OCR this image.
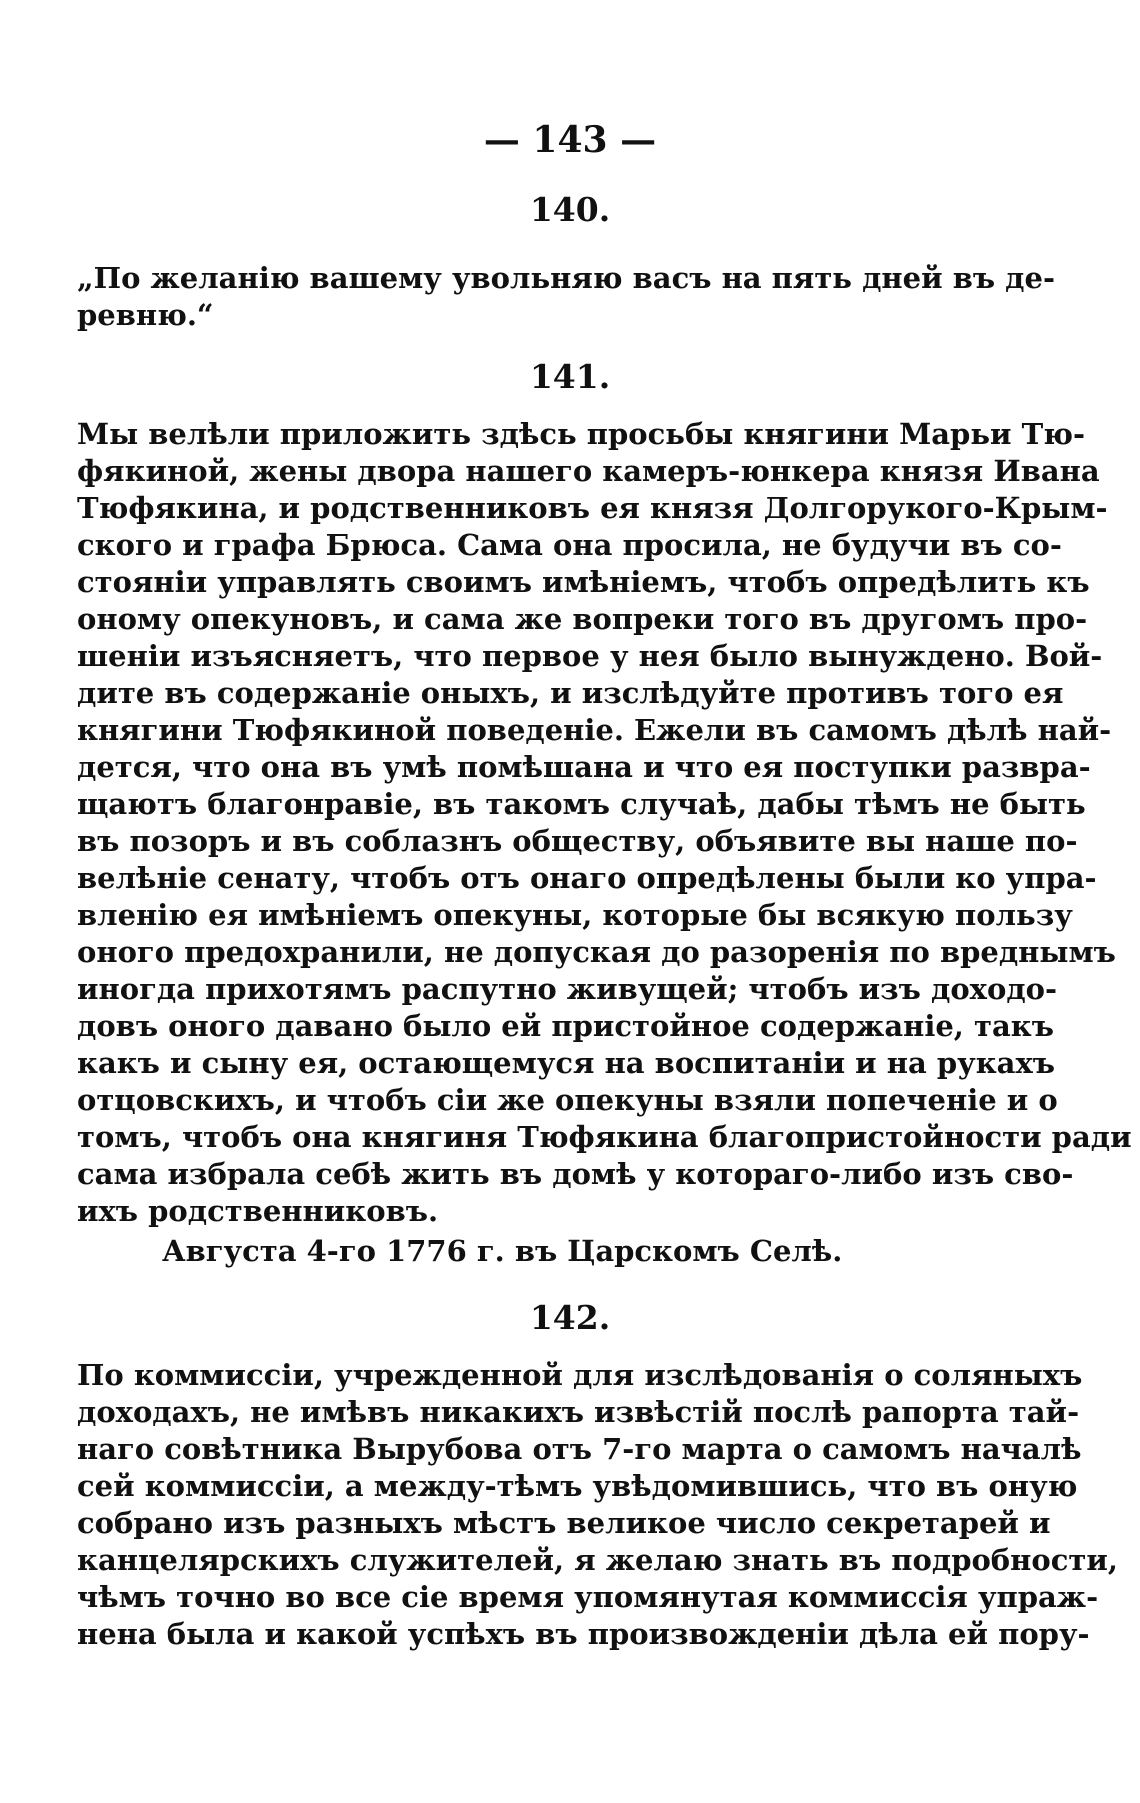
— 143 —
140.
„По желанію вашему увольняю васъ на пять дней въ де-
ревню.“
141.
Мы велѣли приложить здѣсь просьбы княгини Марьи Тю-
фякиной, жены двора нашего камеръ-юнкера князя Ивана
Тюфякина, и родственниковъ ея князя Долгорукого-Крым-
ского и графа Брюса. Сама она просила, не будучи въ со-
стояніи управлять своимъ имѣніемъ, чтобъ опредѣлить къ
оному опекуновъ, и сама же вопреки того въ другомъ про-
шеніи изъясняетъ, что первое у нея было вынуждено. Вой-
дите въ содержаніе оныхъ, и изслѣдуйте противъ того ея
княгини Тюфякиной поведеніе. Ежели въ самомъ дѣлѣ най-
дется, что она въ умѣ помѣшана и что ея поступки развра-
щаютъ благонравіе, въ такомъ случаѣ, дабы тѣмъ не быть
въ позоръ и въ соблазнъ обществу, объявите вы наше по-
велѣніе сенату, чтобъ отъ онаго опредѣлены были ко упра-
вленію ея имѣніемъ опекуны, которые бы всякую пользу
оного предохранили, не допуская до разоренія по вреднымъ
иногда прихотямъ распутно живущей; чтобъ изъ доходо-
довъ оного давано было ей пристойное содержаніе, такъ
какъ и сыну ея, остающемуся на воспитаніи и на рукахъ
отцовскихъ, и чтобъ сіи же опекуны взяли попеченіе и о
томъ, чтобъ она княгиня Тюфякина благопристойности ради
сама избрала себѣ жить въ домѣ у котораго-либо изъ сво-
ихъ родственниковъ.
Августа 4-го 1776 г. въ Царскомъ Селѣ.
142.
По коммиссіи, учрежденной для изслѣдованія о соляныхъ
доходахъ, не имѣвъ никакихъ извѣстій послѣ рапорта тай-
наго совѣтника Вырубова отъ 7-го марта о самомъ началѣ
сей коммиссіи, а между-тѣмъ увѣдомившись, что въ оную
собрано изъ разныхъ мѣстъ великое число секретарей и
канцелярскихъ служителей, я желаю знать въ подробности,
чѣмъ точно во все сіе время упомянутая коммиссія упраж-
нена была и какой успѣхъ въ произвожденіи дѣла ей пору-
